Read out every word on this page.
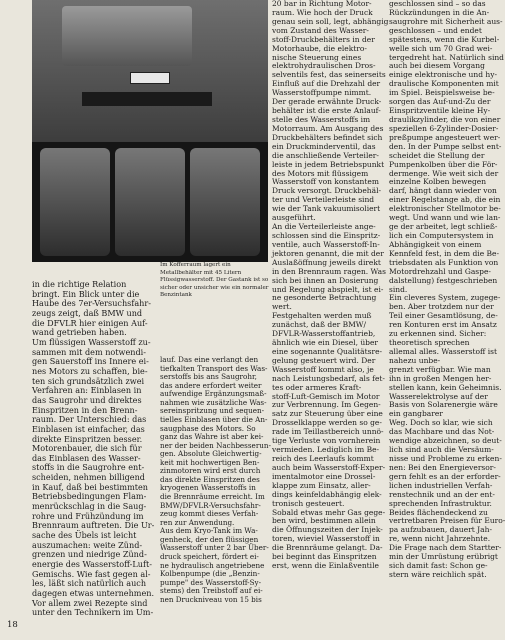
Im Kofferraum lagert ein Metallbehälter mit 45 Litern Flüssigwasserstoff. Der Gastank ist so sicher oder unsicher wie ein normaler Benzintank
in die richtige Relation
bringt. Ein Blick unter die
Haube des 7er-Versuchsfahr-
zeugs zeigt, daß BMW und
die DFVLR hier einigen Auf-
wand getrieben haben.
Um flüssigen Wasserstoff zu-
sammen mit dem notwendi-
gen Sauerstoff ins Innere ei-
nes Motors zu schaffen, bie-
ten sich grundsätzlich zwei
Verfahren an: Einblasen in
das Saugrohr und direktes
Einspritzen in den Brenn-
raum. Der Unterschied: das
Einblasen ist einfacher, das
direkte Einspritzen besser.
Motorenbauer, die sich für
das Einblasen des Wasser-
stoffs in die Saugrohre ent-
scheiden, nehmen billigend
in Kauf, daß bei bestimmten
Betriebsbedingungen Flam-
menrückschlag in die Saug-
rohre und Frühzündung im
Brennraum auftreten. Die Ur-
sache des Übels ist leicht
auszumachen: weite Zünd-
grenzen und niedrige Zünd-
energie des Wasserstoff-Luft-
Gemischs. Wie fast gegen al-
les, läßt sich natürlich auch
dagegen etwas unternehmen.
Vor allem zwei Rezepte sind
unter den Technikern im Um-
lauf. Das eine verlangt den
tiefkalten Transport des Was-
serstoffs bis ans Saugrohr,
das andere erfordert weiter
aufwendige Ergänzungsmaß-
nahmen wie zusätzliche Was-
sereinspritzung und sequen-
tielles Einblasen über die An-
saugphase des Motors. So
ganz das Wahre ist aber kei-
ner der beiden Nachbesserun-
gen. Absolute Gleichwertig-
keit mit hochwertigen Ben-
zinmotoren wird erst durch
das direkte Einspritzen des
kryogenen Wasserstoffs in
die Brennräume erreicht. Im
BMW/DFVLR-Versuchsfahr-
zeug kommt dieses Verfah-
ren zur Anwendung.
Aus dem Kryo-Tank im Wa-
genheck, der den flüssigen
Wasserstoff unter 2 bar Über-
druck speichert, fördert ei-
ne hydraulisch angetriebene
Kolbenpumpe (die „Benzin-
pumpe" des Wasserstoff-Sy-
stems) den Treibstoff auf ei-
nen Druckniveau von 15 bis
20 bar in Richtung Motor-
raum. Wie hoch der Druck
genau sein soll, legt, abhängig
vom Zustand des Wasser-
stoff-Druckbehälters in der
Motorhaube, die elektro-
nische Steuerung eines
elektrohydraulischen Dros-
selventils fest, das seinerseits
Einfluß auf die Drehzahl der
Wasserstoffpumpe nimmt.
Der gerade erwähnte Druck-
behälter ist die erste Anlauf-
stelle des Wasserstoffs im
Motorraum. Am Ausgang des
Druckbehälters befindet sich
ein Druckminderventil, das
die anschließende Verteiler-
leiste in jedem Betriebspunkt
des Motors mit flüssigem
Wasserstoff von konstantem
Druck versorgt. Druckbehäl-
ter und Verteilerleiste sind
wie der Tank vakuumisoliert
ausgeführt.
An die Verteilerleiste ange-
schlossen sind die Einspritz-
ventile, auch Wasserstoff-In-
jektoren genannt, die mit der
Auslaßöffnung jeweils direkt
in den Brennraum ragen. Was
sich bei ihnen an Dosierung
und Regelung abspielt, ist ei-
ne gesonderte Betrachtung
wert.
Festgehalten werden muß
zunächst, daß der BMW/
DFVLR-Wasserstoffantrieb,
ähnlich wie ein Diesel, über
eine sogenannte Qualitätsre-
gelung gesteuert wird. Der
Wasserstoff kommt also, je
nach Leistungsbedarf, als fet-
tes oder armeres Kraft-
stoff-Luft-Gemisch im Motor
zur Verbrennung. Im Gegen-
satz zur Steuerung über eine
Drosselklappe werden so ge-
rade im Teillastbereich unnö-
tige Verluste von vornherein
vermieden. Lediglich im Be-
reich des Leerlaufs kommt
auch beim Wasserstoff-Exper-
imentalmotor eine Drossel-
klappe zum Einsatz, aller-
dings keinfeldabhängig elek-
tronisch gesteuert.
Sobald etwas mehr Gas gege-
ben wird, bestimmen allein
die Öffnungszeiten der Injek-
toren, wieviel Wasserstoff in
die Brennräume gelangt. Da-
bei beginnt das Einspritzen
erst, wenn die Einlaßventile
geschlossen sind – so das
Rückzündungen in die An-
saugrohre mit Sicherheit aus-
geschlossen – und endet
spätestens, wenn die Kurbel-
welle sich um 70 Grad wei-
tergedreht hat. Natürlich sind
auch bei diesem Vorgang
einige elektronische und hy-
draulische Komponenten mit
im Spiel. Beispielsweise be-
sorgen das Auf-und-Zu der
Einspritzventile kleine Hy-
draulikzylinder, die von einer
speziellen 6-Zylinder-Dosier-
preßpumpe angesteuert wer-
den. In der Pumpe selbst ent-
scheidet die Stellung der
Pumpenkolben über die För-
dermenge. Wie weit sich der
einzelne Kolben bewegen
darf, hängt dann wieder von
einer Regelstange ab, die ein
elektronischer Stellmotor be-
wegt. Und wann und wie lan-
ge der arbeitet, legt schließ-
lich ein Computersystem in
Abhängigkeit von einem
Kennfeld fest, in dem die Be-
triebsdaten als Funktion von
Motordrehzahl und Gaspe-
dalstellung) festgeschrieben
sind.
Ein cleveres System, zugege-
ben. Aber trotzdem nur der
Teil einer Gesamtlösung, de-
ren Konturen erst im Ansatz
zu erkennen sind. Sicher:
theoretisch sprechen
allemal alles. Wasserstoff ist
nahezu unbe-
grenzt verfügbar. Wie man
ihn in großen Mengen her-
stellen kann, kein Geheimnis.
Wasserelektrolyse auf der
Basis von Solarenergie wäre
ein gangbarer
Weg. Doch so klar, wie sich
das Machbare und das Not-
wendige abzeichnen, so deut-
lich sind auch die Versäum-
nisse und Probleme zu erken-
nen: Bei den Energieversor-
gern fehlt es an der erforder-
lichen industriellen Verfah-
renstechnik und an der ent-
sprechenden Infrastruktur.
Beides flächendeckend zu
vertretbaren Preisen für Euro-
pa aufzubauen, dauert Jah-
re, wenn nicht Jahrzehnte.
Die Frage nach dem Startter-
min der Umrüstung erübrigt
sich damit fast: Schon ge-
stern wäre reichlich spät.
18
